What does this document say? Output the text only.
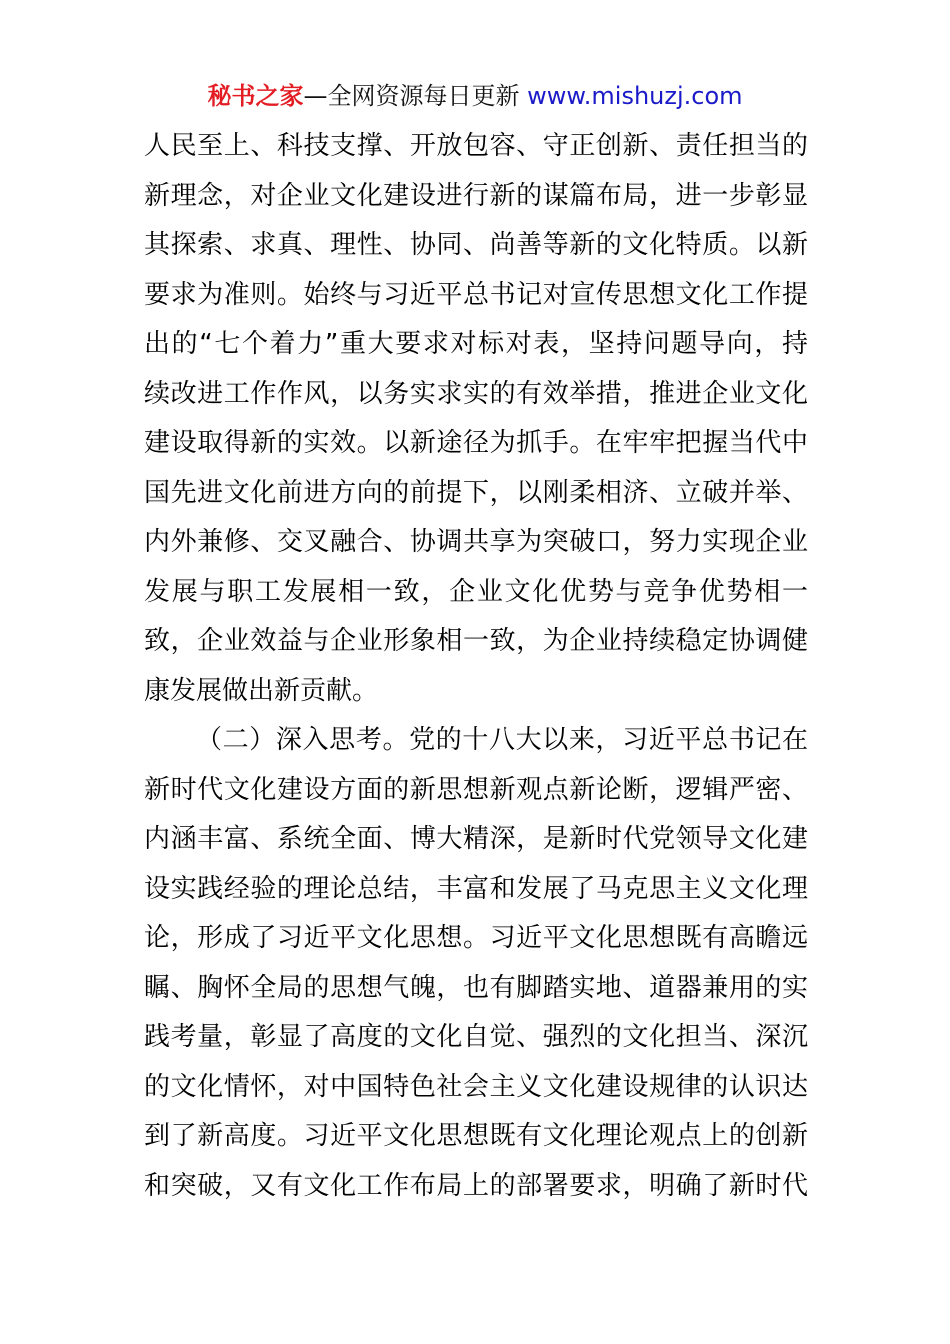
秘书之家—全网资源每日更新 www.mishuzj.com
人民至上、科技支撑、开放包容、守正创新、责任担当的
新理念，对企业文化建设进行新的谋篇布局，进一步彰显
其探索、求真、理性、协同、尚善等新的文化特质。以新
要求为准则。始终与习近平总书记对宣传思想文化工作提
出的“七个着力”重大要求对标对表，坚持问题导向，持
续改进工作作风，以务实求实的有效举措，推进企业文化
建设取得新的实效。以新途径为抓手。在牢牢把握当代中
国先进文化前进方向的前提下，以刚柔相济、立破并举、
内外兼修、交叉融合、协调共享为突破口，努力实现企业
发展与职工发展相一致，企业文化优势与竞争优势相一
致，企业效益与企业形象相一致，为企业持续稳定协调健
康发展做出新贡献。
（二）深入思考。党的十八大以来，习近平总书记在
新时代文化建设方面的新思想新观点新论断，逻辑严密、
内涵丰富、系统全面、博大精深，是新时代党领导文化建
设实践经验的理论总结，丰富和发展了马克思主义文化理
论，形成了习近平文化思想。习近平文化思想既有高瞻远
瞩、胸怀全局的思想气魄，也有脚踏实地、道器兼用的实
践考量，彰显了高度的文化自觉、强烈的文化担当、深沉
的文化情怀，对中国特色社会主义文化建设规律的认识达
到了新高度。习近平文化思想既有文化理论观点上的创新
和突破，又有文化工作布局上的部署要求，明确了新时代
